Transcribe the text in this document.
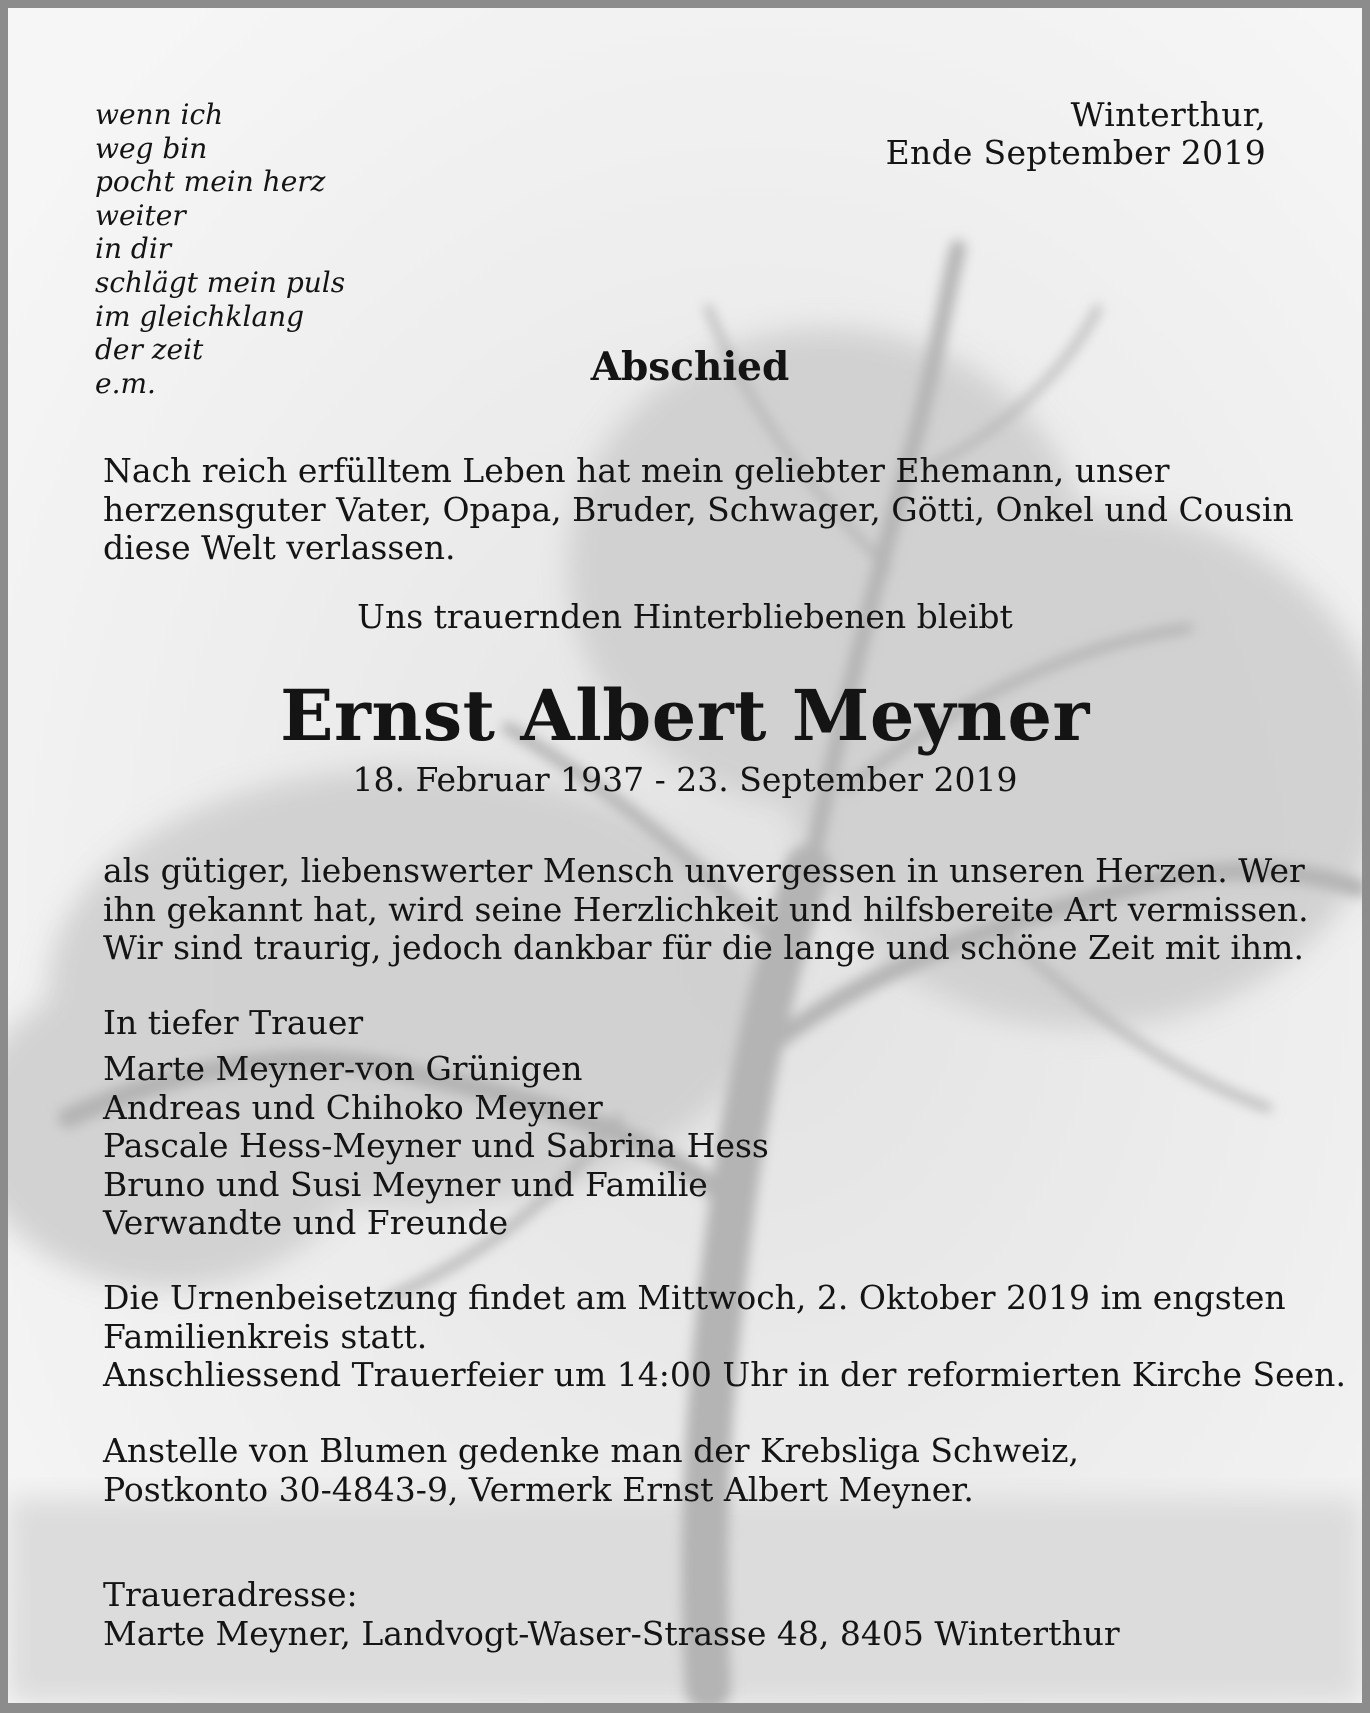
wenn ich
weg bin
pocht mein herz
weiter
in dir
schlägt mein puls
im gleichklang
der zeit
e.m.
Winterthur,
Ende September 2019
Abschied
Nach reich erfülltem Leben hat mein geliebter Ehemann, unser
herzensguter Vater, Opapa, Bruder, Schwager, Götti, Onkel und Cousin
diese Welt verlassen.
Uns trauernden Hinterbliebenen bleibt
Ernst Albert Meyner
18. Februar 1937 - 23. September 2019
als gütiger, liebenswerter Mensch unvergessen in unseren Herzen. Wer
ihn gekannt hat, wird seine Herzlichkeit und hilfsbereite Art vermissen.
Wir sind traurig, jedoch dankbar für die lange und schöne Zeit mit ihm.
In tiefer Trauer
Marte Meyner-von Grünigen
Andreas und Chihoko Meyner
Pascale Hess-Meyner und Sabrina Hess
Bruno und Susi Meyner und Familie
Verwandte und Freunde
Die Urnenbeisetzung findet am Mittwoch, 2. Oktober 2019 im engsten
Familienkreis statt.
Anschliessend Trauerfeier um 14:00 Uhr in der reformierten Kirche Seen.
Anstelle von Blumen gedenke man der Krebsliga Schweiz,
Postkonto 30-4843-9, Vermerk Ernst Albert Meyner.
Traueradresse:
Marte Meyner, Landvogt-Waser-Strasse 48, 8405 Winterthur
